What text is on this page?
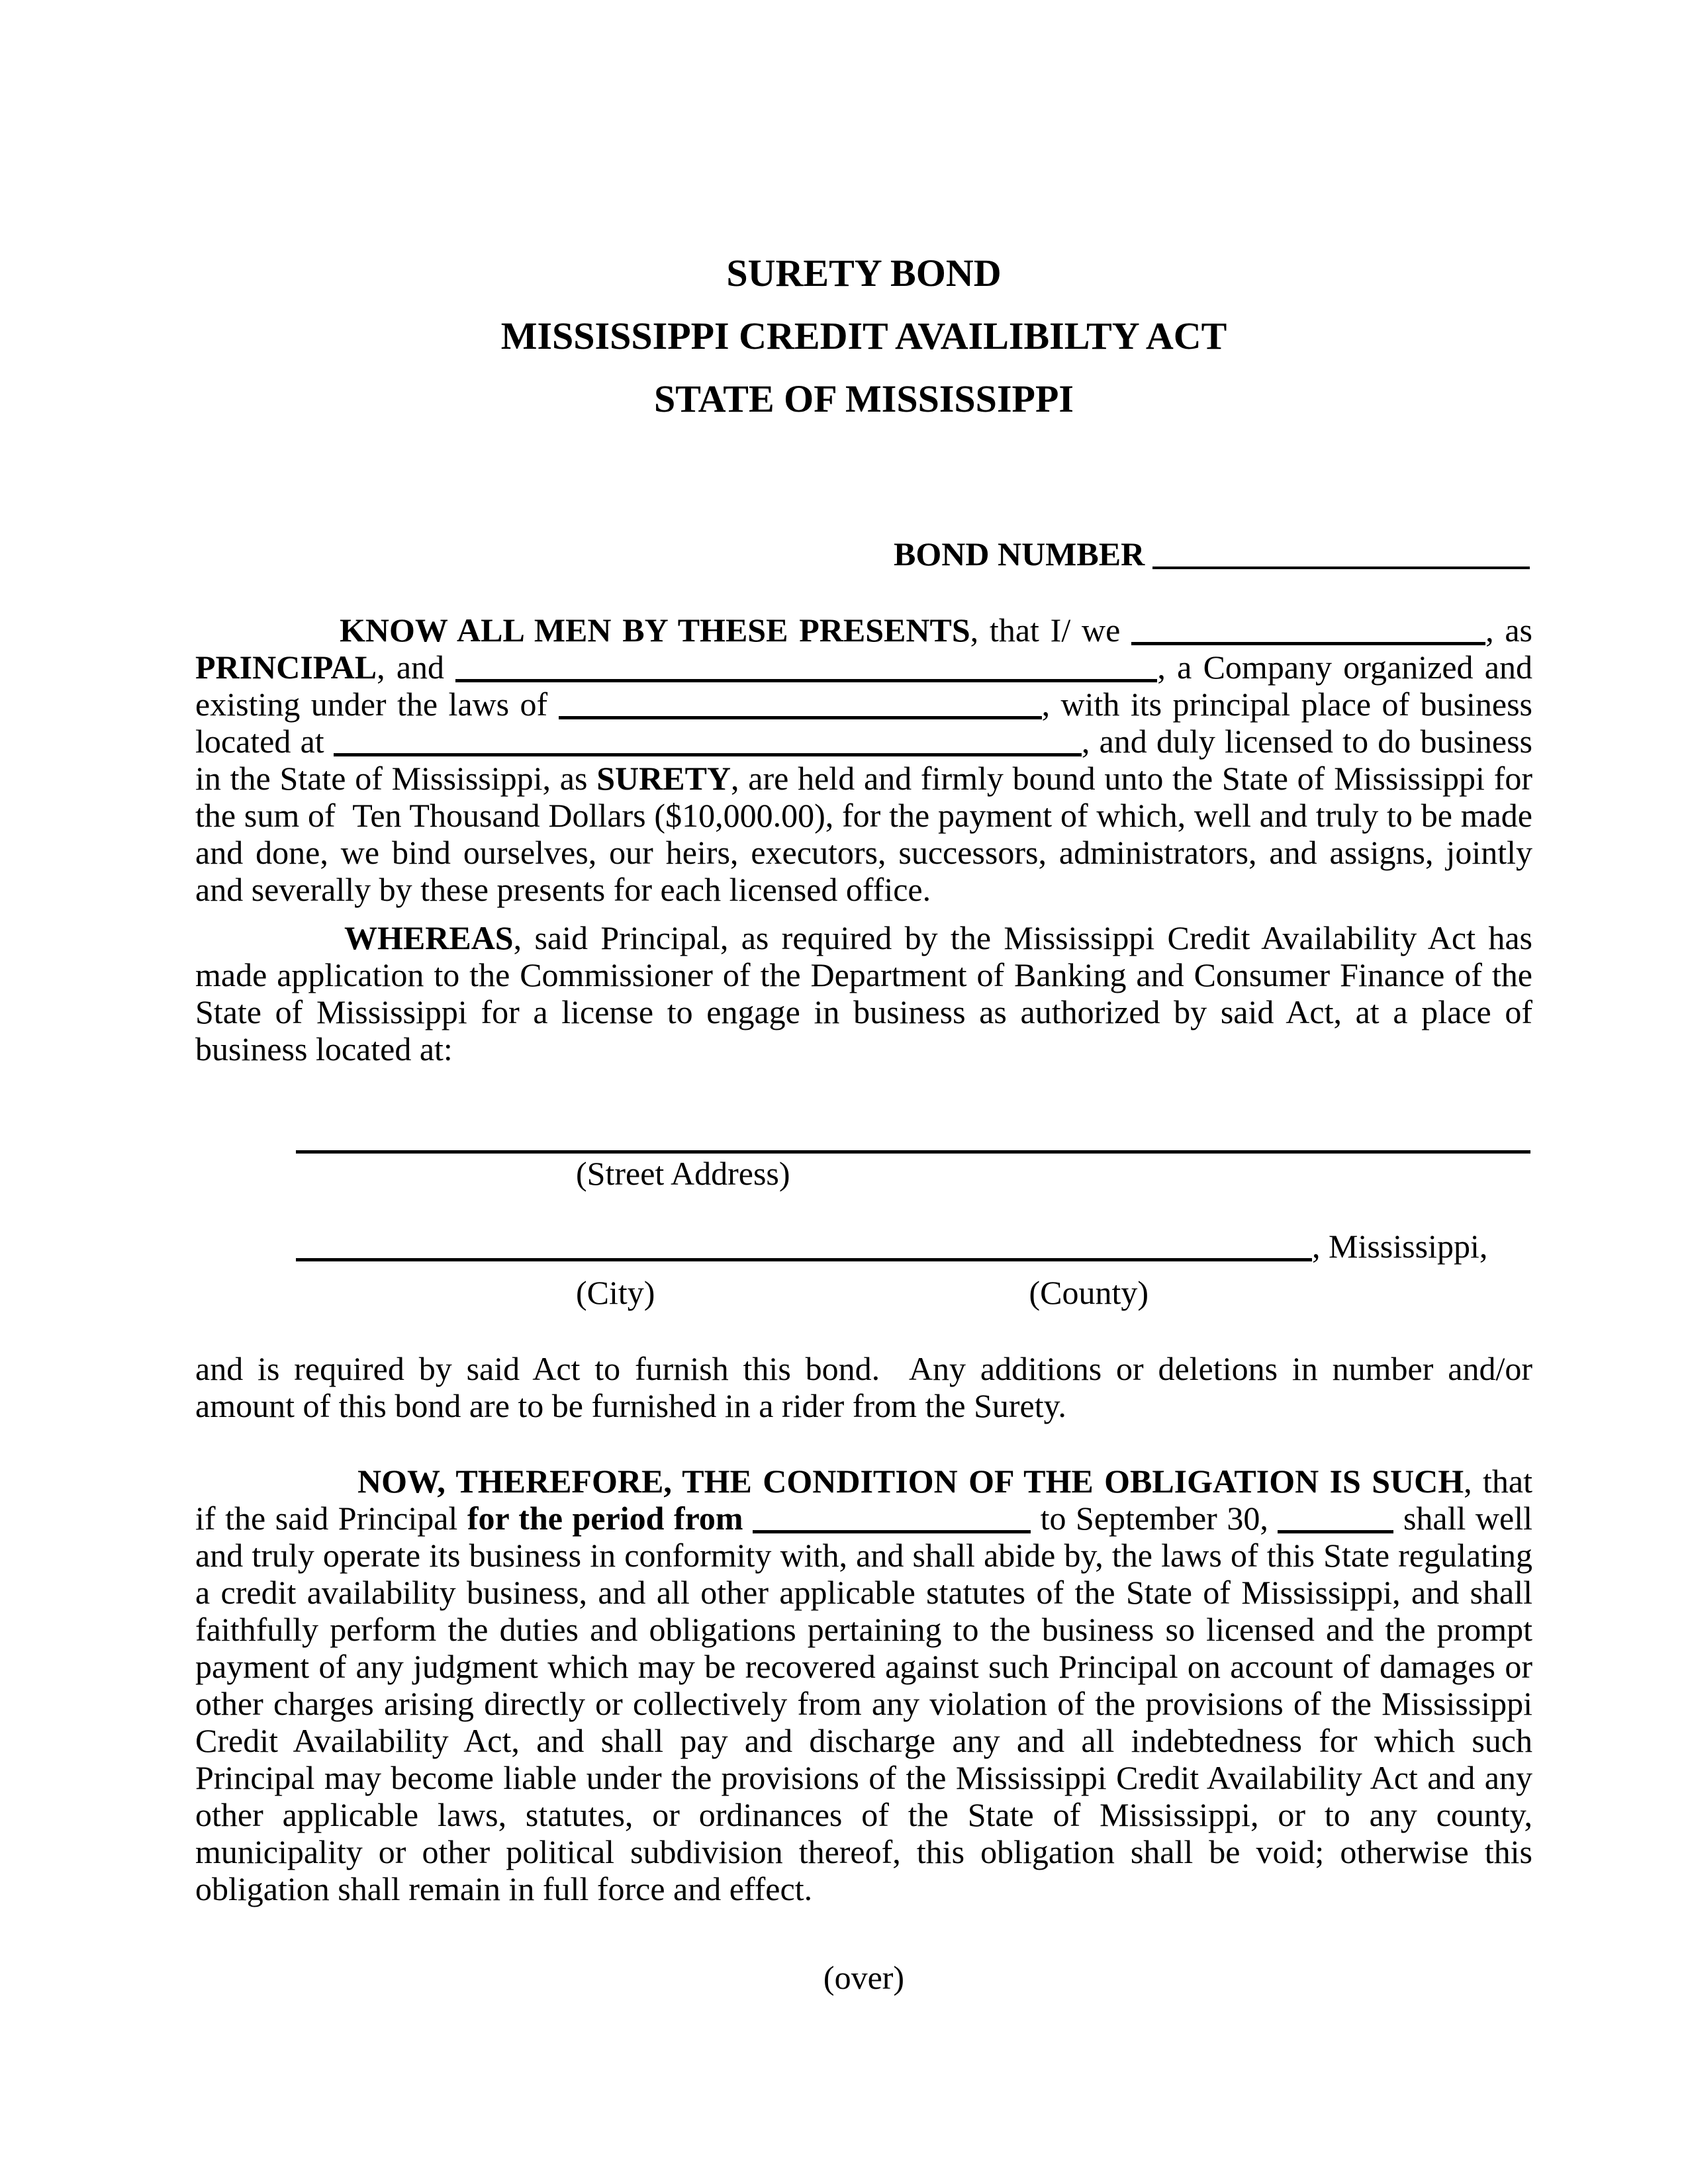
SURETY BOND
MISSISSIPPI CREDIT AVAILIBILTY ACT
STATE OF MISSISSIPPI
BOND NUMBER

KNOW ALL MEN BY THESE PRESENTS, that I/ we	, as PRINCIPAL, and	, a Company organized and existing under the laws of	, with its principal place of business located at	, and duly licensed to do business in the State of Mississippi, as SURETY, are held and firmly bound unto the State of Mississippi for the sum of  Ten Thousand Dollars ($10,000.00), for the payment of which, well and truly to be made and done, we bind ourselves, our heirs, executors, successors, administrators, and assigns, jointly and severally by these presents for each licensed office.

WHEREAS, said Principal, as required by the Mississippi Credit Availability Act has made application to the Commissioner of the Department of Banking and Consumer Finance of the State of Mississippi for a license to engage in business as authorized by said Act, at a place of business located at:

(Street Address)
, Mississippi,
(City)	(County)

and is required by said Act to furnish this bond.  Any additions or deletions in number and/or amount of this bond are to be furnished in a rider from the Surety.

NOW, THEREFORE, THE CONDITION OF THE OBLIGATION IS SUCH, that if the said Principal for the period from	to September 30,	shall well and truly operate its business in conformity with, and shall abide by, the laws of this State regulating a credit availability business, and all other applicable statutes of the State of Mississippi, and shall faithfully perform the duties and obligations pertaining to the business so licensed and the prompt payment of any judgment which may be recovered against such Principal on account of damages or other charges arising directly or collectively from any violation of the provisions of the Mississippi Credit Availability Act, and shall pay and discharge any and all indebtedness for which such Principal may become liable under the provisions of the Mississippi Credit Availability Act and any other applicable laws, statutes, or ordinances of the State of Mississippi, or to any county, municipality or other political subdivision thereof, this obligation shall be void; otherwise this obligation shall remain in full force and effect.

(over)
